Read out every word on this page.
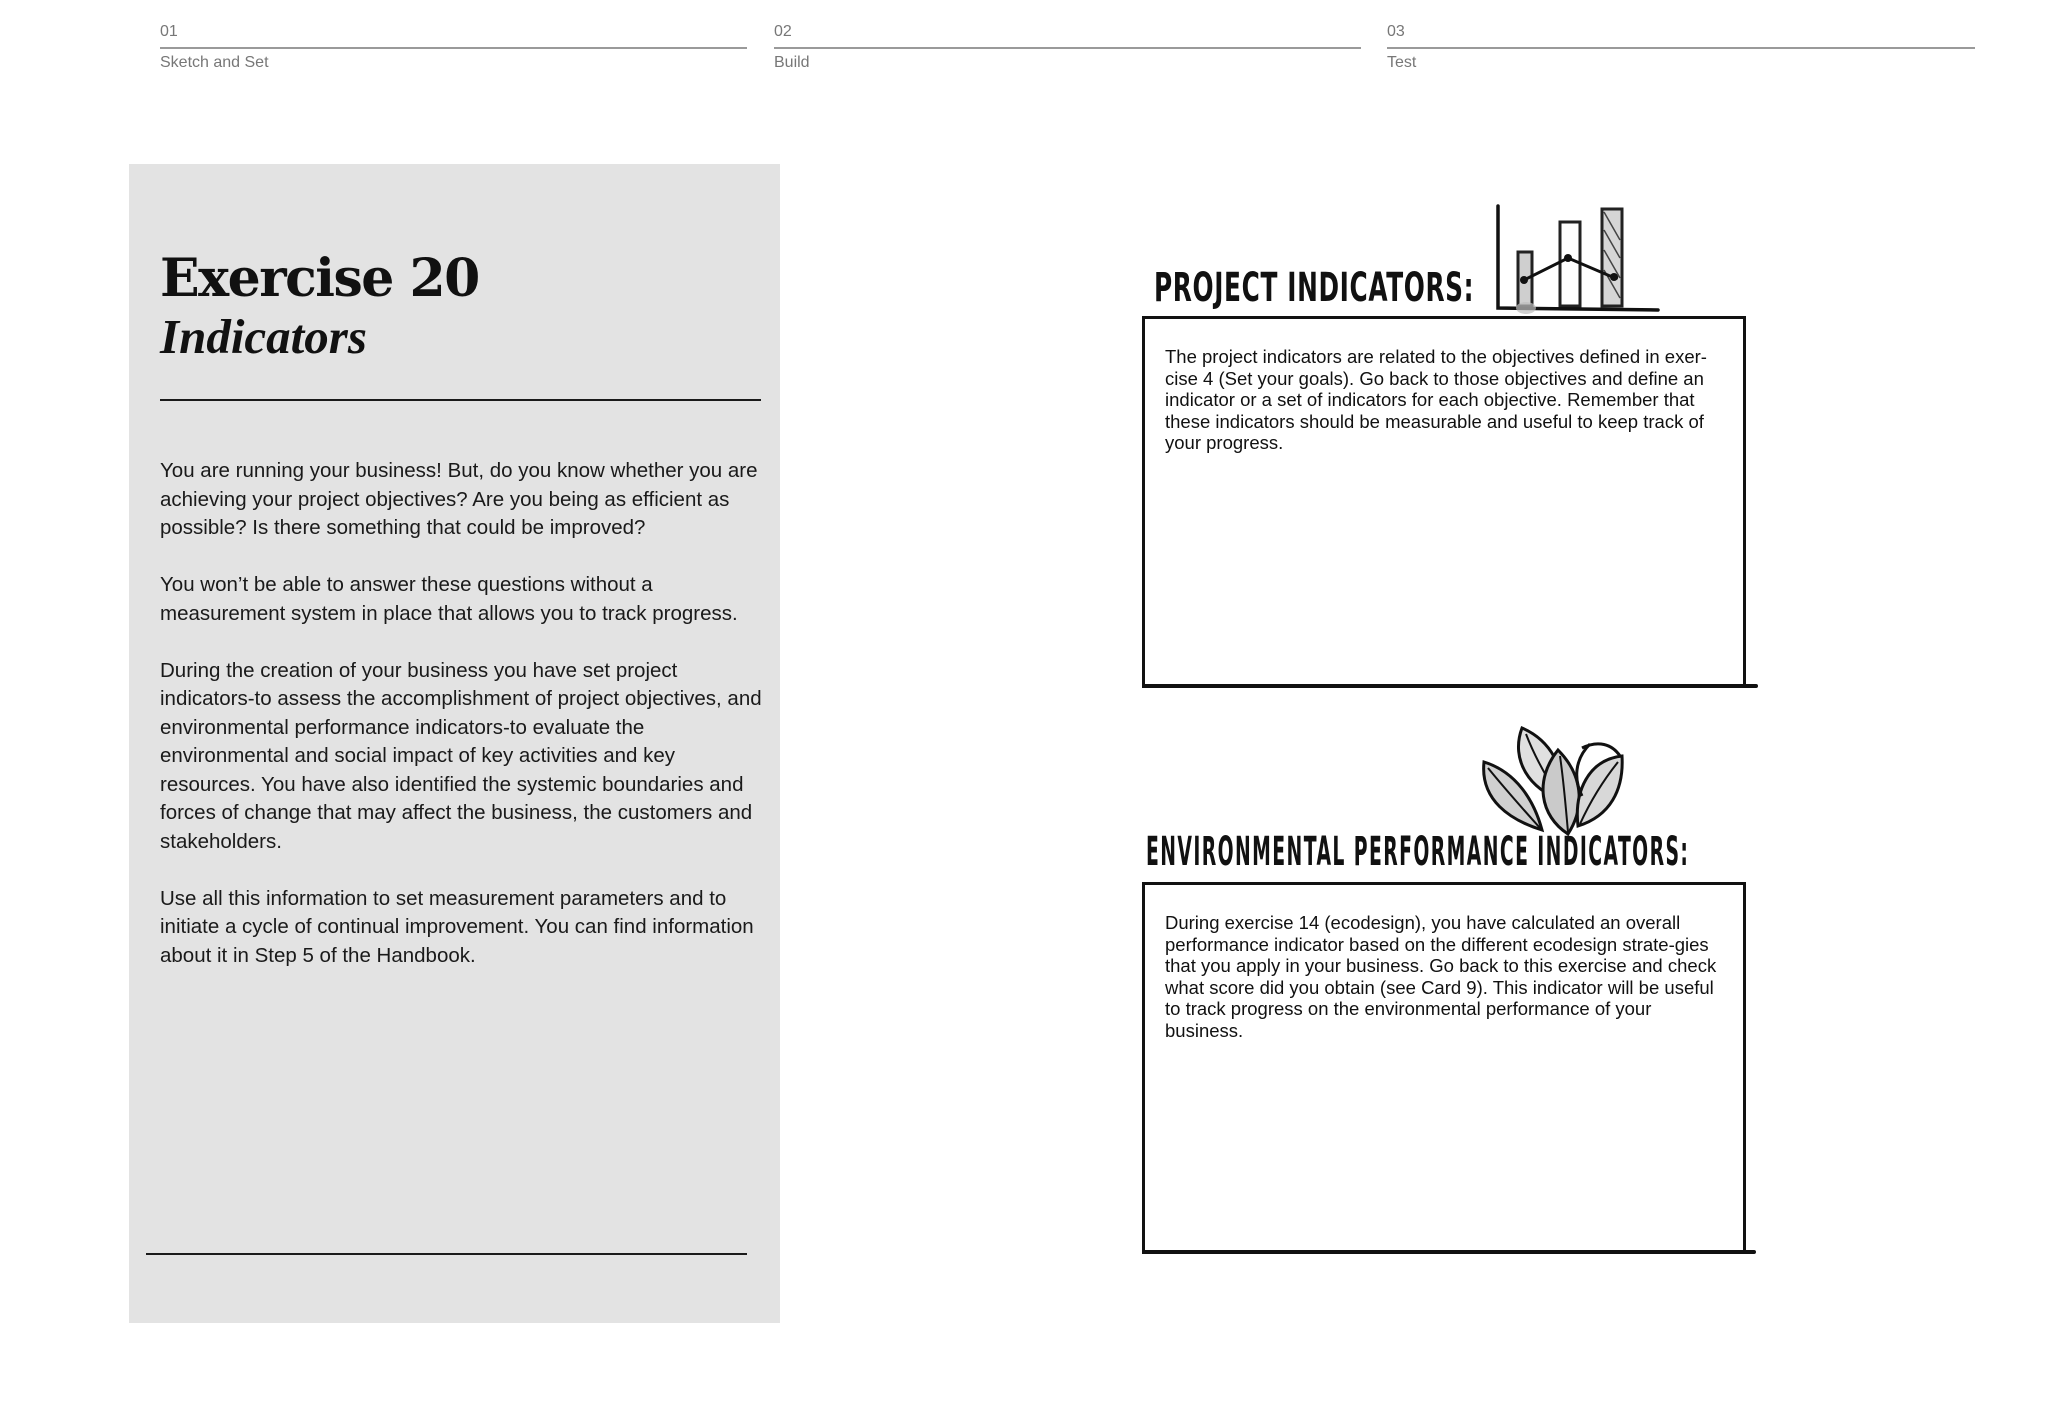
01
Sketch and Set
02
Build
03
Test
Exercise 20
Indicators

You are running your business! But, do you know whether you are achieving your project objectives? Are you being as efficient as possible? Is there something that could be improved?

You won’t be able to answer these questions without a measurement system in place that allows you to track progress.

During the creation of your business you have set project indicators-to assess the accomplishment of project objectives, and environmental performance indicators-to evaluate the environmental and social impact of key activities and key resources. You have also identified the systemic boundaries and forces of change that may affect the business, the customers and stakeholders.

Use all this information to set measurement parameters and to initiate a cycle of continual improvement. You can find information about it in Step 5 of the Handbook.

PROJECT INDICATORS:
The project indicators are related to the objectives defined in exer-cise 4 (Set your goals). Go back to those objectives and define an indicator or a set of indicators for each objective. Remember that these indicators should be measurable and useful to keep track of your progress.
ENVIRONMENTAL PERFORMANCE INDICATORS:
During exercise 14 (ecodesign), you have calculated an overall performance indicator based on the different ecodesign strate-gies that you apply in your business. Go back to this exercise and check what score did you obtain (see Card 9). This indicator will be useful to track progress on the environmental performance of your business.
